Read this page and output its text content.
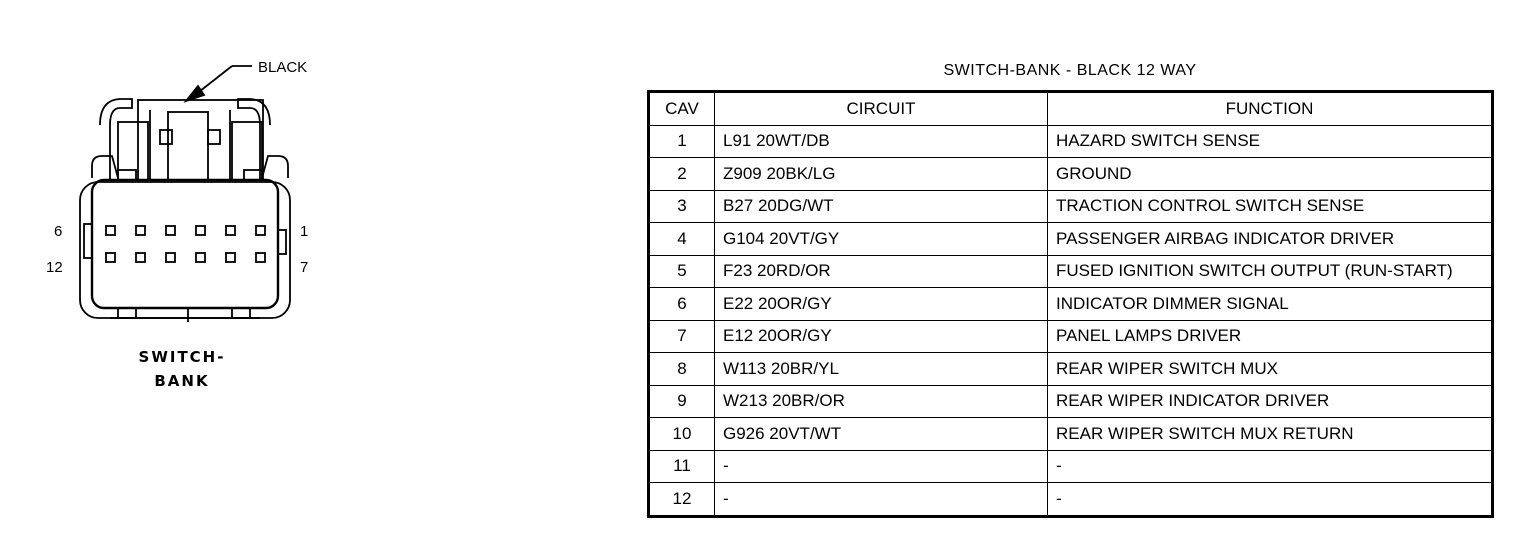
BLACK
6	1
12	7
SWITCH-
BANK
SWITCH-BANK - BLACK 12 WAY
CAV	CIRCUIT	FUNCTION
1	L91 20WT/DB	HAZARD SWITCH SENSE
2	Z909 20BK/LG	GROUND
3	B27 20DG/WT	TRACTION CONTROL SWITCH SENSE
4	G104 20VT/GY	PASSENGER AIRBAG INDICATOR DRIVER
5	F23 20RD/OR	FUSED IGNITION SWITCH OUTPUT (RUN-START)
6	E22 20OR/GY	INDICATOR DIMMER SIGNAL
7	E12 20OR/GY	PANEL LAMPS DRIVER
8	W113 20BR/YL	REAR WIPER SWITCH MUX
9	W213 20BR/OR	REAR WIPER INDICATOR DRIVER
10	G926 20VT/WT	REAR WIPER SWITCH MUX RETURN
11	-	-
12	-	-
